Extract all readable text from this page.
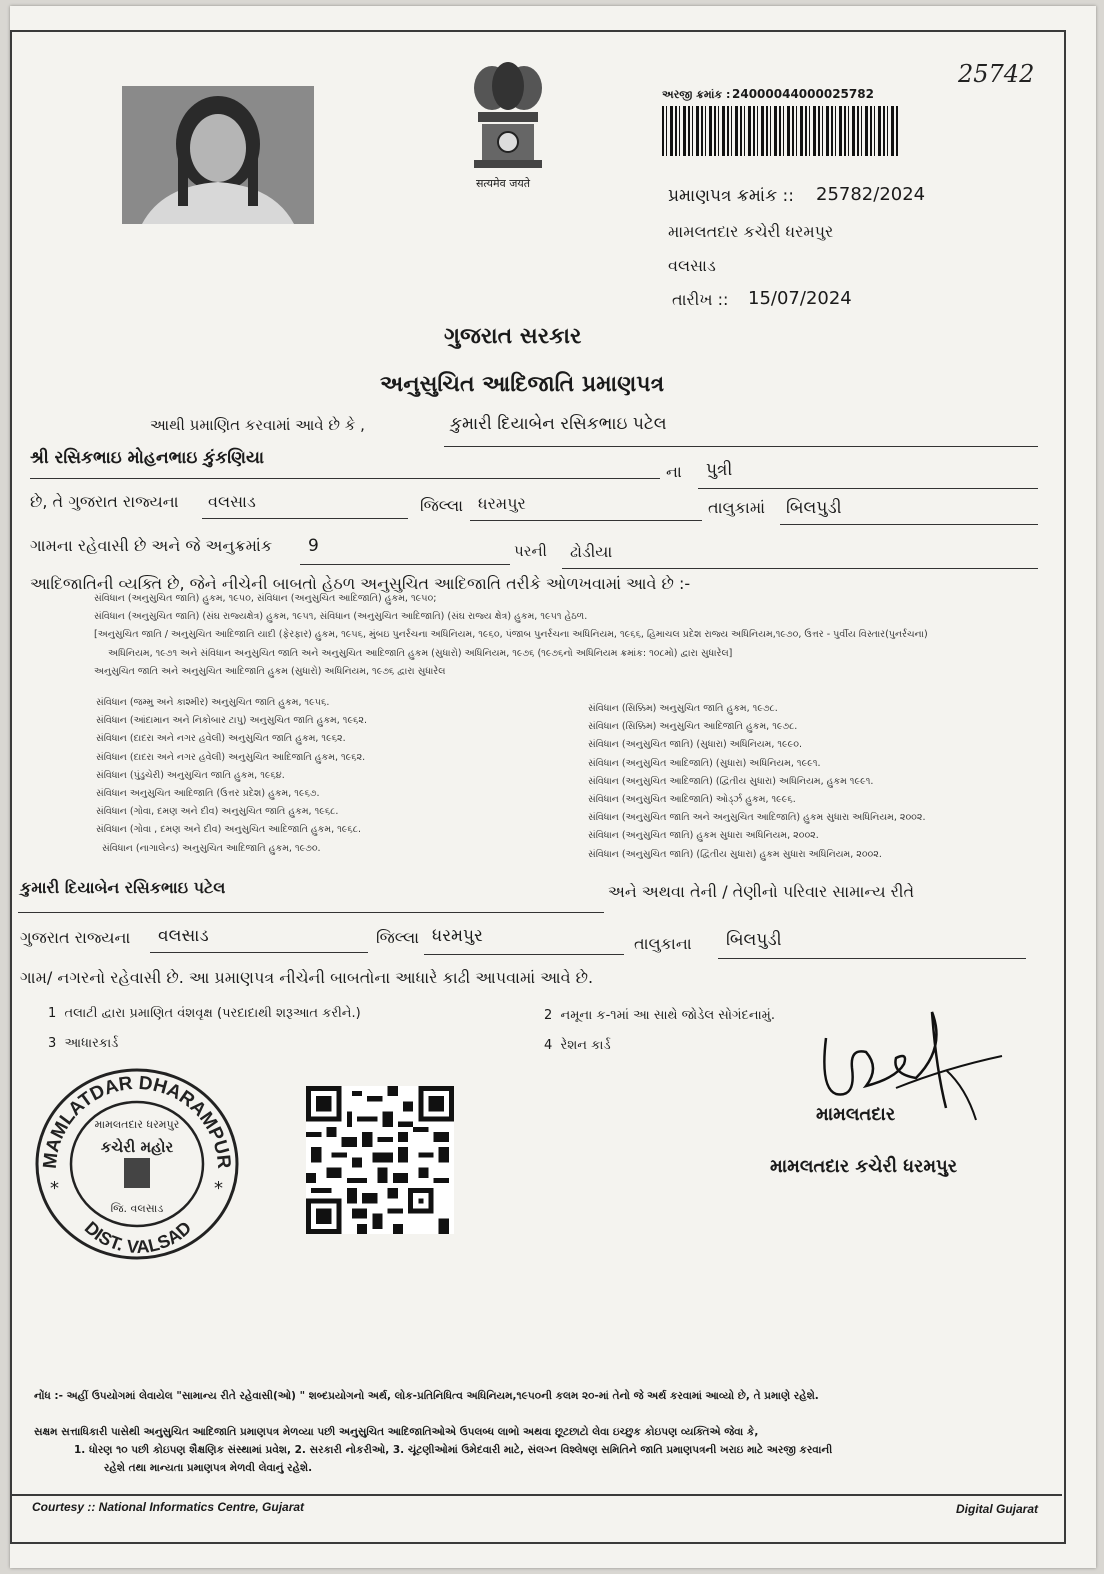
25742
सत्यमेव जयते
અરજી ક્રમાંક : 24000044000025782
પ્રમાણપત્ર ક્રમાંક :: 25782/2024
મામલતદાર કચેરી ધરમપુર
વલસાડ
તારીખ :: 15/07/2024
ગુજરાત સરકાર
અનુસુચિત આદિજાતિ પ્રમાણપત્ર
આથી પ્રમાણિત કરવામાં આવે છે કે ,	કુમારી દિયાબેન રસિકભાઇ પટેલ
શ્રી રસિકભાઇ મોહનભાઇ કુંકણિયા
ના પુત્રી
છે, તે ગુજરાત રાજ્યના વલસાડ	જિલ્લા ધરમપુર	તાલુકામાં બિલપુડી
ગામના રહેવાસી છે અને જે અનુક્રમાંક 9	પરની ઢોડીયા
આદિજાતિની વ્યક્તિ છે, જેને નીચેની બાબતો હેઠળ અનુસુચિત આદિજાતિ તરીકે ઓળખવામાં આવે છે :-
સંવિધાન (અનુસુચિત જાતિ) હુકમ, ૧૯૫૦, સંવિધાન (અનુસુચિત આદિજાતિ) હુકમ, ૧૯૫૦;
સંવિધાન (અનુસુચિત જાતિ) (સંઘ રાજ્યક્ષેત્ર) હુકમ, ૧૯૫૧, સંવિધાન (અનુસુચિત આદિજાતિ) (સંઘ રાજ્ય ક્ષેત્ર) હુકમ, ૧૯૫૧ હેઠળ.
[અનુસુચિત જાતિ / અનુસુચિત આદિજાતિ યાદી (ફેરફાર) હુકમ, ૧૯૫૬, મુંબઇ પુનર્રચના અધિનિયમ, ૧૯૬૦, પંજાબ પુનર્રચના અધિનિયમ, ૧૯૬૬, હિમાચલ પ્રદેશ રાજ્ય અધિનિયમ,૧૯૭૦, ઉત્તર - પુર્વીય વિસ્તાર(પુનર્રચના)
અધિનિયમ, ૧૯૭૧ અને સંવિધાન અનુસુચિત જાતિ અને અનુસુચિત આદિજાતિ હુકમ (સુધારો) અધિનિયમ, ૧૯૭૬ (૧૯૭૬નો અધિનિયમ ક્રમાંક: ૧૦૮મો) દ્વારા સુધારેલ]
અનુસુચિત જાતિ અને અનુસુચિત આદિજાતિ હુકમ (સુધારો) અધિનિયમ, ૧૯૭૬ દ્વારા સુધારેલ
સંવિધાન (જમ્મુ અને કાશ્મીર) અનુસુચિત જાતિ હુકમ, ૧૯૫૬.
સંવિધાન (આંદામાન અને નિકોબાર ટાપુ) અનુસુચિત જાતિ હુકમ, ૧૯૬૨.
સંવિધાન (દાદરા અને નગર હવેલી) અનુસુચિત જાતિ હુકમ, ૧૯૬૨.
સંવિધાન (દાદરા અને નગર હવેલી) અનુસુચિત આદિજાતિ હુકમ, ૧૯૬૨.
સંવિધાન (પુંડુચેરી) અનુસુચિત જાતિ હુકમ, ૧૯૬૪.
સંવિધાન અનુસુચિત આદિજાતિ (ઉત્તર પ્રદેશ) હુકમ, ૧૯૬૭.
સંવિધાન (ગોવા, દમણ અને દીવ) અનુસુચિત જાતિ હુકમ, ૧૯૬૮.
સંવિધાન (ગોવા , દમણ અને દીવ) અનુસુચિત આદિજાતિ હુકમ, ૧૯૬૮.
સંવિધાન (નાગાલેન્ડ) અનુસુચિત આદિજાતિ હુકમ, ૧૯૭૦.
સંવિધાન (સિક્કિમ) અનુસુચિત જાતિ હુકમ, ૧૯૭૮.
સંવિધાન (સિક્કિમ) અનુસુચિત આદિજાતિ હુકમ, ૧૯૭૮.
સંવિધાન (અનુસુચિત જાતિ) (સુધારા) અધિનિયમ, ૧૯૯૦.
સંવિધાન (અનુસુચિત આદિજાતિ) (સુધારા) અધિનિયમ, ૧૯૯૧.
સંવિધાન (અનુસુચિત આદિજાતિ) (દ્વિતીય સુધારા) અધિનિયમ, હુકમ ૧૯૯૧.
સંવિધાન (અનુસુચિત આદિજાતિ) ઓર્ડ્ઝ હુકમ, ૧૯૯૬.
સંવિધાન (અનુસુચિત જાતિ અને અનુસુચિત આદિજાતિ) હુકમ સુધારા અધિનિયમ, ૨૦૦૨.
સંવિધાન (અનુસુચિત જાતિ) હુકમ સુધારા અધિનિયમ, ૨૦૦૨.
સંવિધાન (અનુસુચિત જાતિ) (દ્વિતીય સુધારા) હુકમ સુધારા અધિનિયમ, ૨૦૦૨.
કુમારી દિયાબેન રસિકભાઇ પટેલ	અને અથવા તેની / તેણીનો પરિવાર સામાન્ય રીતે
ગુજરાત રાજ્યના વલસાડ	જિલ્લા ધરમપુર	તાલુકાના બિલપુડી
ગામ/ નગરનો રહેવાસી છે. આ પ્રમાણપત્ર નીચેની બાબતોના આધારે કાઢી આપવામાં આવે છે.
1 તલાટી દ્વારા પ્રમાણિત વંશવૃક્ષ (પરદાદાથી શરૂઆત કરીને.)	2 નમૂના ક-૧માં આ સાથે જોડેલ સોગંદનામું.
3 આધારકાર્ડ	4 રેશન કાર્ડ
MAMLATDAR DHARAMPUR
DIST. VALSAD
મામલતદાર ધરમપુર
કચેરી મહોર
જિ. વલસાડ
*	*
મામલતદાર
મામલતદાર કચેરી ધરમપુર
નોંધ :- અહીં ઉપયોગમાં લેવાયેલ "સામાન્ય રીતે રહેવાસી(ઓ) " શબ્દપ્રયોગનો અર્થ, લોક-પ્રતિનિધિત્વ અધિનિયમ,૧૯૫૦ની કલમ ૨૦-માં તેનો જે અર્થ કરવામાં આવ્યો છે, તે પ્રમાણે રહેશે.
સક્ષમ સત્તાધિકારી પાસેથી અનુસુચિત આદિજાતિ પ્રમાણપત્ર મેળવ્યા પછી અનુસુચિત આદિજાતિઓએ ઉપલબ્ધ લાભો અથવા છૂટછાટો લેવા ઇચ્છુક કોઇપણ વ્યક્તિએ જેવા કે,
1. ધોરણ ૧૦ પછી કોઇપણ શૈક્ષણિક સંસ્થામાં પ્રવેશ, 2. સરકારી નોકરીઓ, 3. ચૂંટણીઓમાં ઉમેદવારી માટે, સંલગ્ન વિશ્લેષણ સમિતિને જાતિ પ્રમાણપત્રની ખરાઇ માટે અરજી કરવાની
રહેશે તથા માન્યતા પ્રમાણપત્ર મેળવી લેવાનું રહેશે.
Courtesy :: National Informatics Centre, Gujarat	Digital Gujarat
